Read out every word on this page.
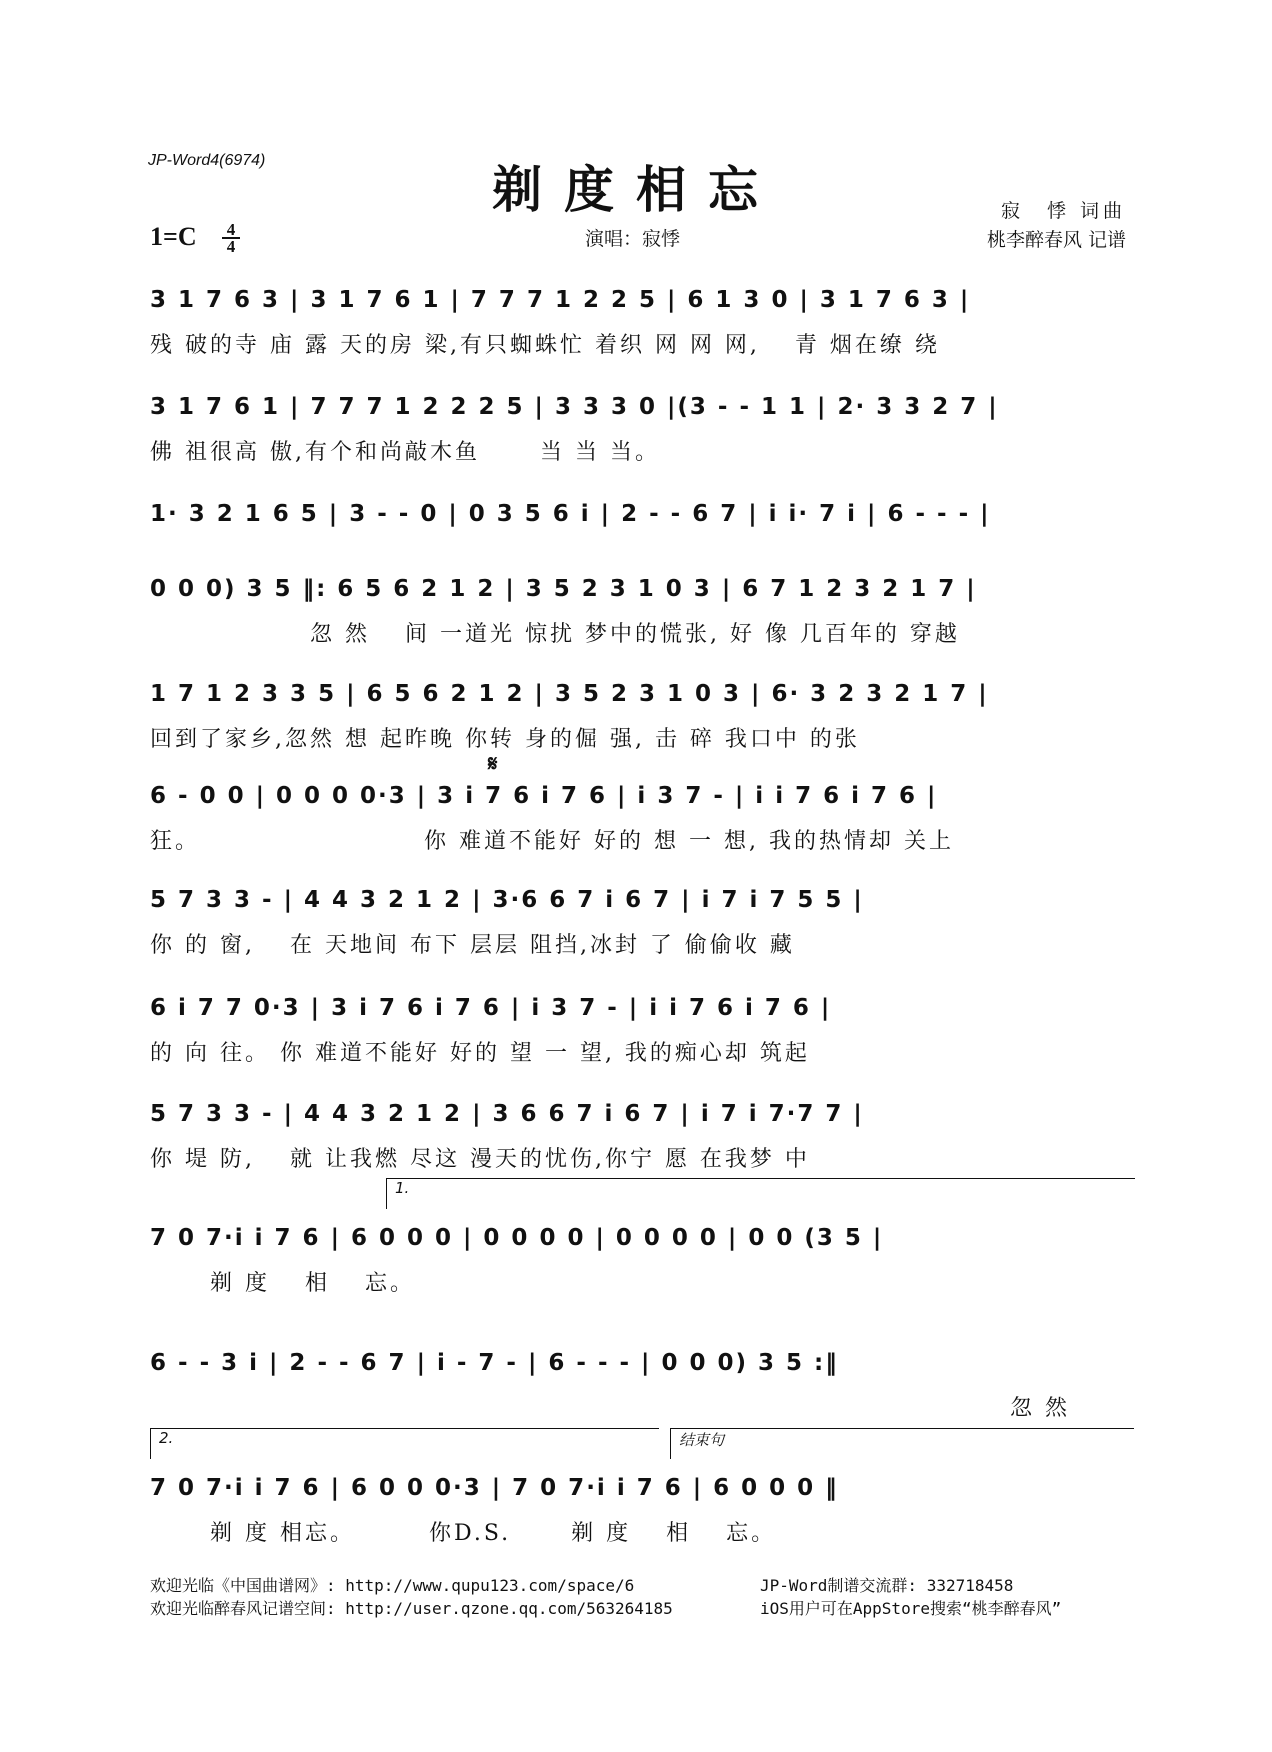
JP-Word4(6974)	剃度相忘
1=C 4
4	演唱：寂悸
寂　悸 词曲
桃李醉春风 记谱
3 1 7 6 3 | 3 1 7 6 1 | 7 7 7 1 2 2 5 | 6 1 3 0 | 3 1 7 6 3 |
残 破的寺 庙 露 天的房 梁,有只蜘蛛忙 着织 网 网 网,　 青 烟在缭 绕
3 1 7 6 1 | 7 7 7 1 2 2 2 5 | 3 3 3 0 |(3 - - 1 1 | 2· 3 3 2 7 |
佛 祖很高 傲,有个和尚敲木鱼　　 当 当 当。
1· 3 2 1 6 5 | 3 - - 0 | 0 3 5 6 i | 2 - - 6 7 | i i· 7 i | 6 - - - |
0 0 0) 3 5 ‖: 6 5 6 2 1 2 | 3 5 2 3 1 0 3 | 6 7 1 2 3 2 1 7 |
　　　　　　 忽 然　 间 一道光 惊扰 梦中的慌张, 好 像 几百年的 穿越
1 7 1 2 3 3 5 | 6 5 6 2 1 2 | 3 5 2 3 1 0 3 | 6· 3 2 3 2 1 7 |
回到了家乡,忽然 想 起昨晚 你转 身的倔 强, 击 碎 我口中 的张
𝄋
6 - 0 0 | 0 0 0 0·3 | 3 i 7 6 i 7 6 | i 3 7 - | i i 7 6 i 7 6 |
狂。　　　　　　　　　 你 难道不能好 好的 想 一 想, 我的热情却 关上
5 7 3 3 - | 4 4 3 2 1 2 | 3·6 6 7 i 6 7 | i 7 i 7 5 5 |
你 的 窗,　 在 天地间 布下 层层 阻挡,冰封 了 偷偷收 藏
6 i 7 7 0·3 | 3 i 7 6 i 7 6 | i 3 7 - | i i 7 6 i 7 6 |
的 向 往。 你 难道不能好 好的 望 一 望, 我的痴心却 筑起
5 7 3 3 - | 4 4 3 2 1 2 | 3 6 6 7 i 6 7 | i 7 i 7·7 7 |
你 堤 防,　 就 让我燃 尽这 漫天的忧伤,你宁 愿 在我梦 中
1.
7 0 7·i i 7 6 | 6 0 0 0 | 0 0 0 0 | 0 0 0 0 | 0 0 (3 5 |
　　 剃 度　 相　 忘。
6 - - 3 i | 2 - - 6 7 | i - 7 - | 6 - - - | 0 0 0) 3 5 :‖
　　　　　　　　　　　　　　　　　　　　　　　　　　　　　　　　　　 忽 然
2.	结束句
7 0 7·i i 7 6 | 6 0 0 0·3 | 7 0 7·i i 7 6 | 6 0 0 0 ‖
　　 剃 度 相忘。　　　 你D.S.　　 剃 度　 相　 忘。
欢迎光临《中国曲谱网》: http://www.qupu123.com/space/6
欢迎光临醉春风记谱空间: http://user.qzone.qq.com/563264185
JP-Word制谱交流群: 332718458
iOS用户可在AppStore搜索“桃李醉春风”
